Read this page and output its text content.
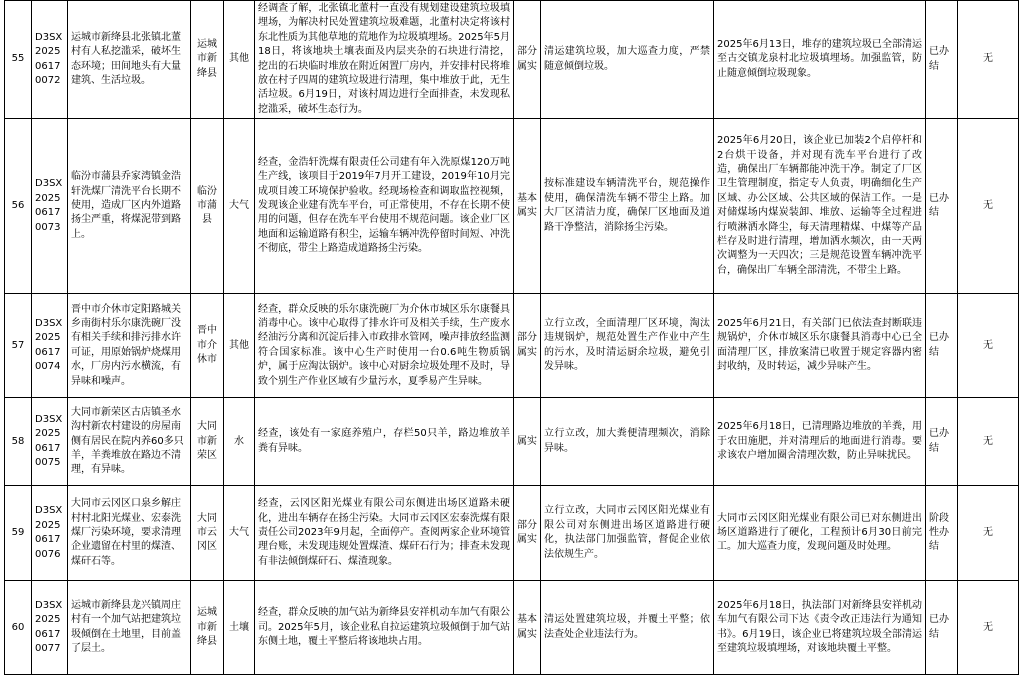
55	D3SX202506170072	运城市新绛县北张镇北董村有人私挖滥采，破坏生态环境；田间地头有大量建筑、生活垃圾。	运城市新绛县	其他	经调查了解，北张镇北董村一直没有规划建设建筑垃圾填埋场，为解决村民处置建筑垃圾难题，北董村决定将该村东北性质为其他草地的荒地作为垃圾填埋场。2025年5月18日，将该地块土壤表面及内层夹杂的石块进行清挖，挖出的石块临时堆放在附近闲置厂房内，并安排村民将堆放在村子四周的建筑垃圾进行清理，集中堆放于此，无生活垃圾。6月19日，对该村周边进行全面排查，未发现私挖滥采，破坏生态行为。	部分属实	清运建筑垃圾，加大巡查力度，严禁随意倾倒垃圾。	2025年6月13日，堆存的建筑垃圾已全部清运至古交镇龙泉村北垃圾填埋场。加强监管，防止随意倾倒垃圾现象。	已办结	无
56	D3SX202506170073	临汾市蒲县乔家湾镇金浩轩洗煤厂清洗平台长期不使用，造成厂区内外道路扬尘严重，将煤泥带到路上。	临汾市蒲县	大气	经查，金浩轩洗煤有限责任公司建有年入洗原煤120万吨生产线，该项目于2019年7月开工建设，2019年10月完成项目竣工环境保护验收。经现场检查和调取监控视频，发现该企业建有洗车平台，可正常使用，不存在长期不使用的问题，但存在洗车平台使用不规范问题。该企业厂区地面和运输道路有积尘，运输车辆冲洗停留时间短、冲洗不彻底，带尘上路造成道路扬尘污染。	基本属实	按标准建设车辆清洗平台，规范操作使用，确保清洗车辆不带尘上路。加大厂区清洁力度，确保厂区地面及道路干净整洁，消除扬尘污染。	2025年6月20日，该企业已加装2个启停杆和2台烘干设备，并对现有洗车平台进行了改造，确保出厂车辆都能冲洗干净。制定了厂区卫生管理制度，指定专人负责，明确细化生产区域、办公区域、公共区域的保洁工作。一是对储煤场内煤炭装卸、堆放、运输等全过程进行喷淋洒水降尘，每天清理精煤、中煤等产品栏存及时进行清理，增加洒水频次，由一天两次调整为一天四次；三是规范设置车辆冲洗平台，确保出厂车辆全部清洗，不带尘上路。	已办结	无
57	D3SX202506170074	晋中市介休市定阳路城关乡南街村乐尔康洗碗厂没有相关手续和排污排水许可证，用原始锅炉烧煤用水，厂房内污水横流，有异味和噪声。	晋中市介休市	其他	经查，群众反映的乐尔康洗碗厂为介休市城区乐尔康餐具消毒中心。该中心取得了排水许可及相关手续，生产废水经油污分离和沉淀后排入市政排水管网，噪声排放经监测符合国家标准。该中心生产时使用一台0.6吨生物质锅炉，属于应淘汰锅炉。该中心对厨余垃圾处理不及时，导致个别生产作业区域有少量污水，夏季易产生异味。	部分属实	立行立改，全面清理厂区环境，淘汰违规锅炉，规范处置生产作业中产生的污水，及时清运厨余垃圾，避免引发异味。	2025年6月21日，有关部门已依法查封断联违规锅炉，介休市城区乐尔康餐具消毒中心已全面清理厂区，排放案清已收置于规定容器内密封收纳，及时转运，减少异味产生。	已办结	无
58	D3SX202506170075	大同市新荣区古店镇圣水沟村新农村建设的房屋南侧有居民在院内养60多只羊，羊粪堆放在路边不清理，有异味。	大同市新荣区	水	经查，该处有一家庭养殖户，存栏50只羊，路边堆放羊粪有异味。	属实	立行立改，加大粪便清理频次，消除异味。	2025年6月18日，已清理路边堆放的羊粪，用于农田施肥，并对清理后的地面进行消毒。要求该农户增加圈舍清理次数，防止异味扰民。	已办结	无
59	D3SX202506170076	大同市云冈区口泉乡解庄村村北阳光煤业、宏泰洗煤厂污染环境，要求清理企业遗留在村里的煤渣、煤矸石等。	大同市云冈区	大气	经查，云冈区阳光煤业有限公司东侧进出场区道路未硬化，进出车辆存在扬尘污染。大同市云冈区宏泰洗煤有限责任公司2023年9月起，全面停产。查阅两家企业环境管理台账，未发现违规处置煤渣、煤矸石行为；排查未发现有非法倾倒煤矸石、煤渣现象。	部分属实	立行立改，大同市云冈区阳光煤业有限公司对东侧进出场区道路进行硬化，执法部门加强监管，督促企业依法依规生产。	大同市云冈区阳光煤业有限公司已对东侧进出场区道路进行了硬化，工程预计6月30日前完工。加大巡查力度，发现问题及时处理。	阶段性办结	无
60	D3SX202506170077	运城市新绛县龙兴镇周庄村有一个加气站把建筑垃圾倾倒在土地里，目前盖了层土。	运城市新绛县	土壤	经查，群众反映的加气站为新绛县安祥机动车加气有限公司。2025年5月，该企业私自拉运建筑垃圾倾倒于加气站东侧土地，覆土平整后将该地块占用。	基本属实	清运处置建筑垃圾，并覆土平整；依法查处企业违法行为。	2025年6月18日，执法部门对新绛县安祥机动车加气有限公司下达《责令改正违法行为通知书》。6月19日，该企业已将建筑垃圾全部清运至建筑垃圾填埋场，对该地块覆土平整。	已办结	无
